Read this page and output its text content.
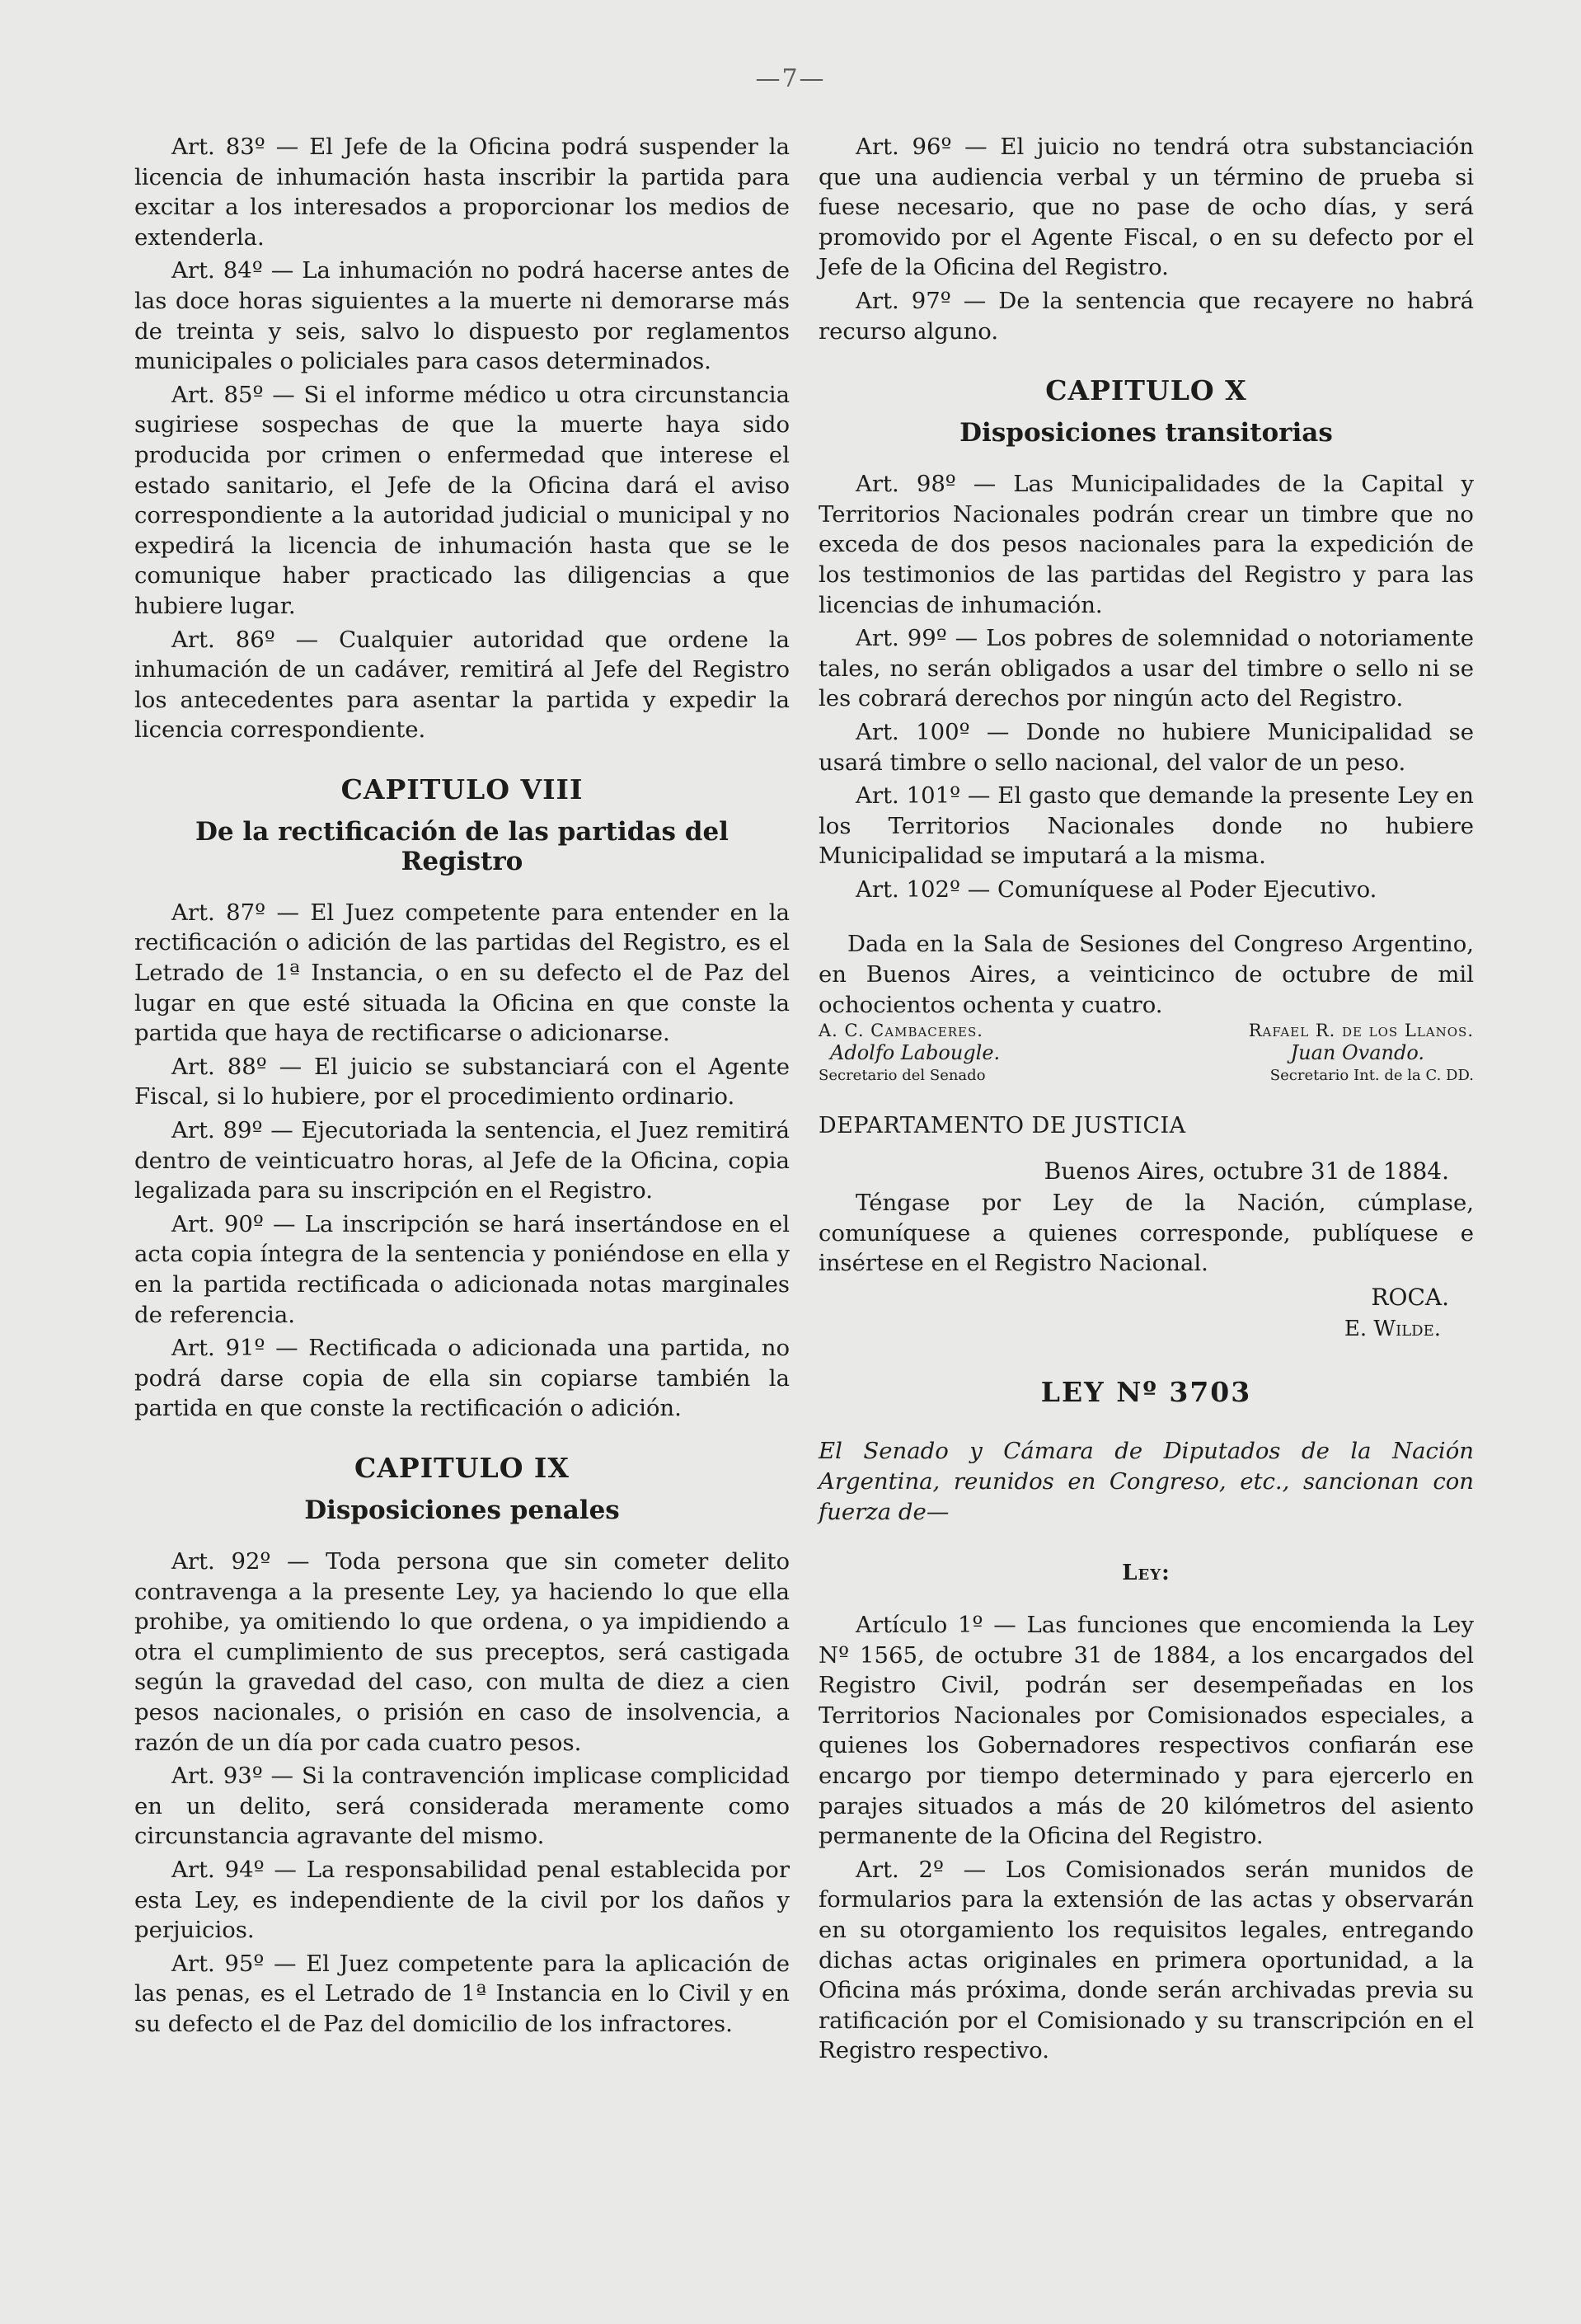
—7—

Art. 83º — El Jefe de la Oficina podrá suspender la licencia de inhumación hasta inscribir la partida para excitar a los interesados a proporcionar los medios de extenderla.

Art. 84º — La inhumación no podrá hacerse antes de las doce horas siguientes a la muerte ni demorarse más de treinta y seis, salvo lo dispuesto por reglamentos municipales o policiales para casos determinados.

Art. 85º — Si el informe médico u otra circunstancia sugiriese sospechas de que la muerte haya sido producida por crimen o enfermedad que interese el estado sanitario, el Jefe de la Oficina dará el aviso correspondiente a la autoridad judicial o municipal y no expedirá la licencia de inhumación hasta que se le comunique haber practicado las diligencias a que hubiere lugar.

Art. 86º — Cualquier autoridad que ordene la inhumación de un cadáver, remitirá al Jefe del Registro los antecedentes para asentar la partida y expedir la licencia correspondiente.

CAPITULO VIII
De la rectificación de las partidas del Registro

Art. 87º — El Juez competente para entender en la rectificación o adición de las partidas del Registro, es el Letrado de 1ª Instancia, o en su defecto el de Paz del lugar en que esté situada la Oficina en que conste la partida que haya de rectificarse o adicionarse.

Art. 88º — El juicio se substanciará con el Agente Fiscal, si lo hubiere, por el procedimiento ordinario.

Art. 89º — Ejecutoriada la sentencia, el Juez remitirá dentro de veinticuatro horas, al Jefe de la Oficina, copia legalizada para su inscripción en el Registro.

Art. 90º — La inscripción se hará insertándose en el acta copia íntegra de la sentencia y poniéndose en ella y en la partida rectificada o adicionada notas marginales de referencia.

Art. 91º — Rectificada o adicionada una partida, no podrá darse copia de ella sin copiarse también la partida en que conste la rectificación o adición.

CAPITULO IX
Disposiciones penales

Art. 92º — Toda persona que sin cometer delito contravenga a la presente Ley, ya haciendo lo que ella prohibe, ya omitiendo lo que ordena, o ya impidiendo a otra el cumplimiento de sus preceptos, será castigada según la gravedad del caso, con multa de diez a cien pesos nacionales, o prisión en caso de insolvencia, a razón de un día por cada cuatro pesos.

Art. 93º — Si la contravención implicase complicidad en un delito, será considerada meramente como circunstancia agravante del mismo.

Art. 94º — La responsabilidad penal establecida por esta Ley, es independiente de la civil por los daños y perjuicios.

Art. 95º — El Juez competente para la aplicación de las penas, es el Letrado de 1ª Instancia en lo Civil y en su defecto el de Paz del domicilio de los infractores.

Art. 96º — El juicio no tendrá otra substanciación que una audiencia verbal y un término de prueba si fuese necesario, que no pase de ocho días, y será promovido por el Agente Fiscal, o en su defecto por el Jefe de la Oficina del Registro.

Art. 97º — De la sentencia que recayere no habrá recurso alguno.

CAPITULO X
Disposiciones transitorias

Art. 98º — Las Municipalidades de la Capital y Territorios Nacionales podrán crear un timbre que no exceda de dos pesos nacionales para la expedición de los testimonios de las partidas del Registro y para las licencias de inhumación.

Art. 99º — Los pobres de solemnidad o notoriamente tales, no serán obligados a usar del timbre o sello ni se les cobrará derechos por ningún acto del Registro.

Art. 100º — Donde no hubiere Municipalidad se usará timbre o sello nacional, del valor de un peso.

Art. 101º — El gasto que demande la presente Ley en los Territorios Nacionales donde no hubiere Municipalidad se imputará a la misma.

Art. 102º — Comuníquese al Poder Ejecutivo.

Dada en la Sala de Sesiones del Congreso Argentino, en Buenos Aires, a veinticinco de octubre de mil ochocientos ochenta y cuatro.

A. C. Cambaceres.	Rafael R. de los Llanos.
Adolfo Labougle.	Juan Ovando.
Secretario del Senado	Secretario Int. de la C. DD.
DEPARTAMENTO DE JUSTICIA
Buenos Aires, octubre 31 de 1884.

Téngase por Ley de la Nación, cúmplase, comuníquese a quienes corresponde, publíquese e insértese en el Registro Nacional.

ROCA.
E. Wilde.
LEY Nº 3703

El Senado y Cámara de Diputados de la Nación Argentina, reunidos en Congreso, etc., sancionan con fuerza de—

Ley:

Artículo 1º — Las funciones que encomienda la Ley Nº 1565, de octubre 31 de 1884, a los encargados del Registro Civil, podrán ser desempeñadas en los Territorios Nacionales por Comisionados especiales, a quienes los Gobernadores respectivos confiarán ese encargo por tiempo determinado y para ejercerlo en parajes situados a más de 20 kilómetros del asiento permanente de la Oficina del Registro.

Art. 2º — Los Comisionados serán munidos de formularios para la extensión de las actas y observarán en su otorgamiento los requisitos legales, entregando dichas actas originales en primera oportunidad, a la Oficina más próxima, donde serán archivadas previa su ratificación por el Comisionado y su transcripción en el Registro respectivo.
